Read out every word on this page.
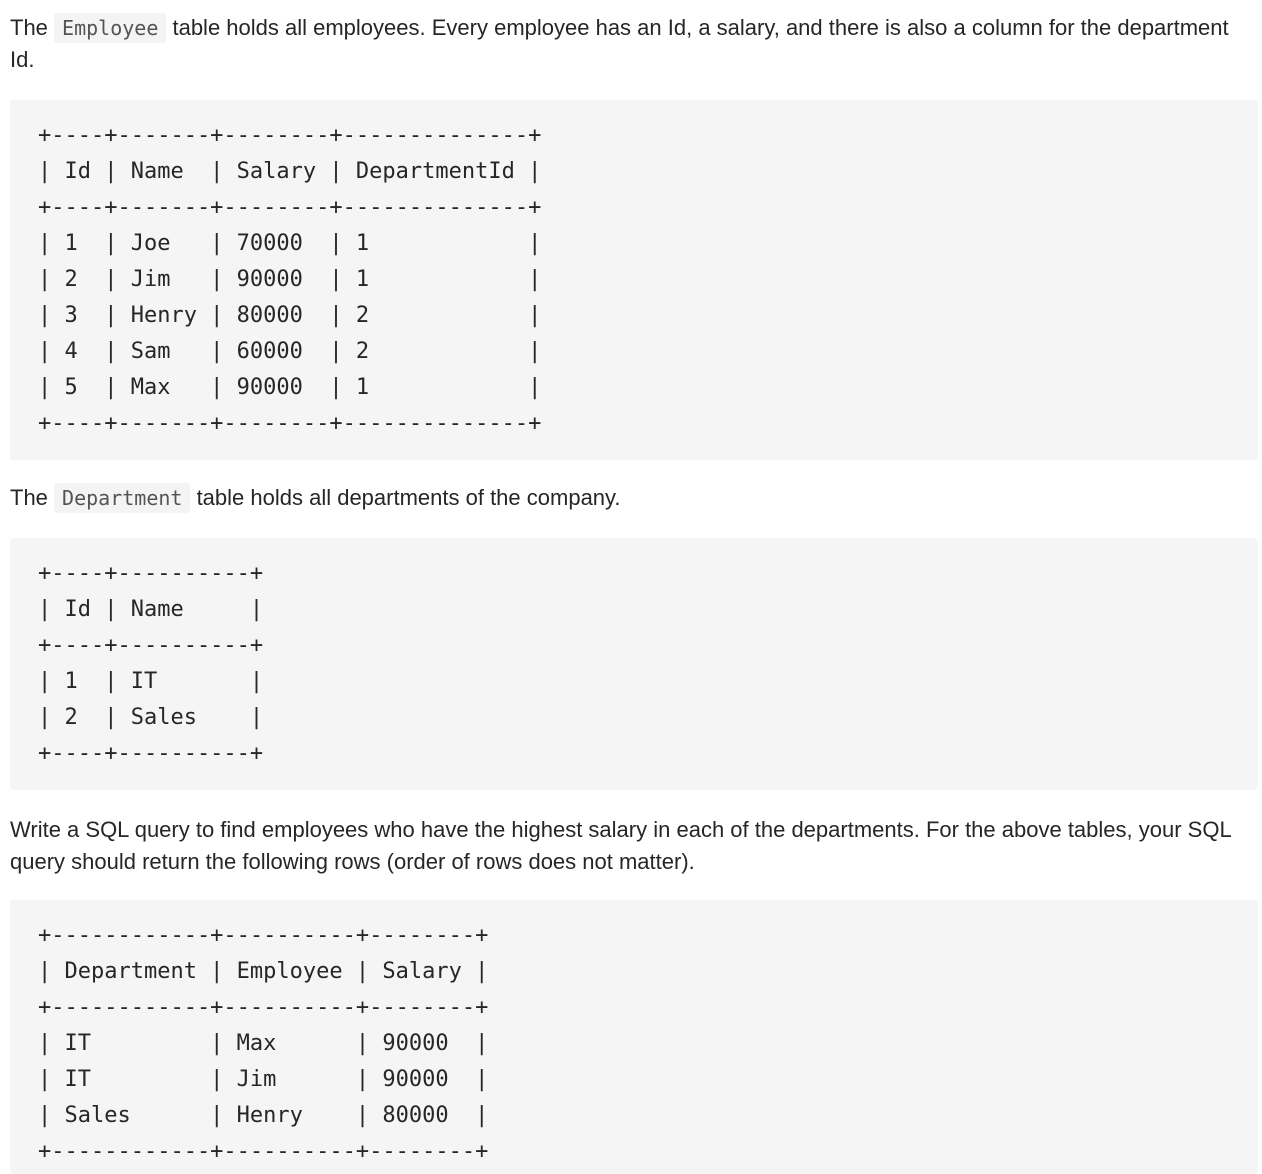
The Employee table holds all employees. Every employee has an Id, a salary, and there is also a column for the department Id.

+----+-------+--------+--------------+
| Id | Name  | Salary | DepartmentId |
+----+-------+--------+--------------+
| 1  | Joe   | 70000  | 1            |
| 2  | Jim   | 90000  | 1            |
| 3  | Henry | 80000  | 2            |
| 4  | Sam   | 60000  | 2            |
| 5  | Max   | 90000  | 1            |
+----+-------+--------+--------------+

The Department table holds all departments of the company.

+----+----------+
| Id | Name     |
+----+----------+
| 1  | IT       |
| 2  | Sales    |
+----+----------+

Write a SQL query to find employees who have the highest salary in each of the departments. For the above tables, your SQL query should return the following rows (order of rows does not matter).

+------------+----------+--------+
| Department | Employee | Salary |
+------------+----------+--------+
| IT         | Max      | 90000  |
| IT         | Jim      | 90000  |
| Sales      | Henry    | 80000  |
+------------+----------+--------+
